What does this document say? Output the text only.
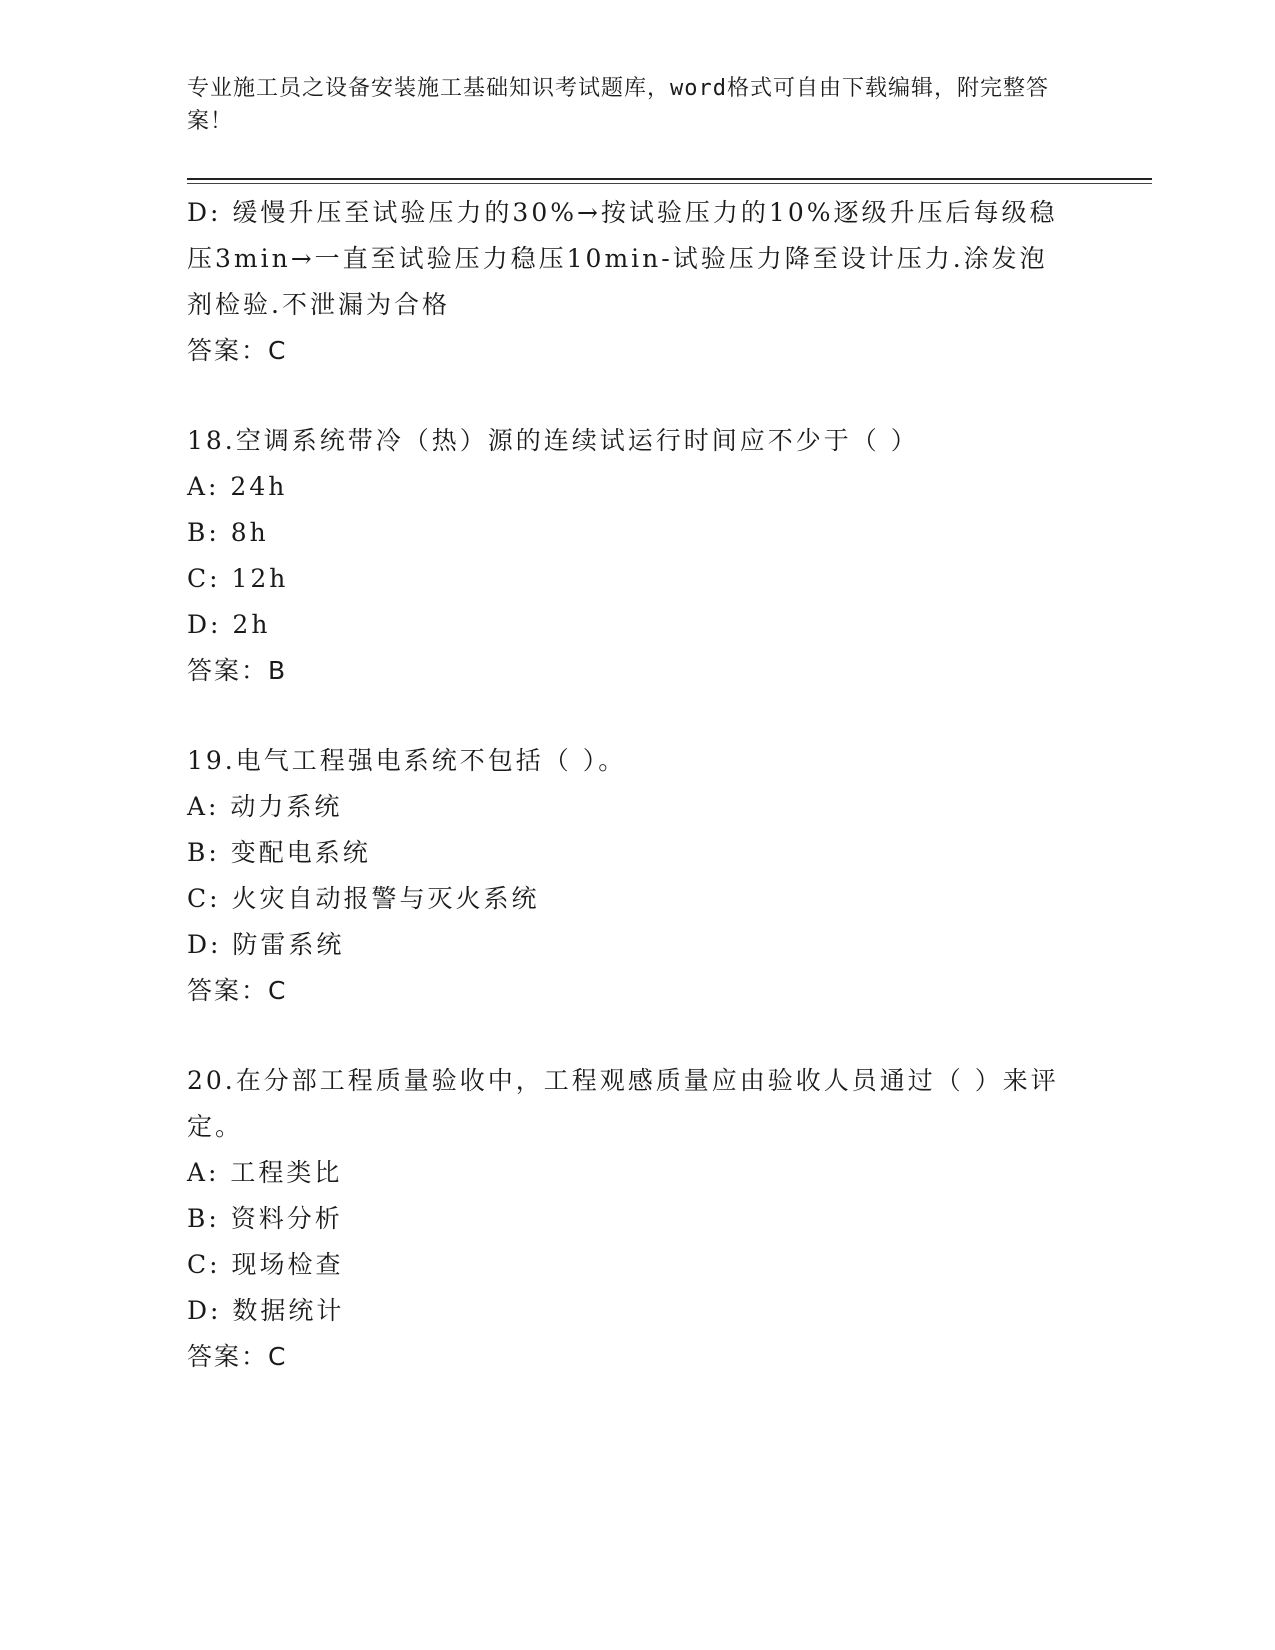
专业施工员之设备安装施工基础知识考试题库，word格式可自由下载编辑，附完整答案！

D: 缓慢升压至试验压力的30%→按试验压力的10%逐级升压后每级稳压3min→一直至试验压力稳压10min-试验压力降至设计压力.涂发泡剂检验.不泄漏为合格

答案：C

18.空调系统带冷（热）源的连续试运行时间应不少于（ ）

A: 24h
B: 8h
C: 12h
D: 2h
答案：B

19.电气工程强电系统不包括（ ）。

A: 动力系统
B: 变配电系统
C: 火灾自动报警与灭火系统
D: 防雷系统
答案：C

20.在分部工程质量验收中，工程观感质量应由验收人员通过（ ）来评定。

A: 工程类比
B: 资料分析
C: 现场检查
D: 数据统计
答案：C
